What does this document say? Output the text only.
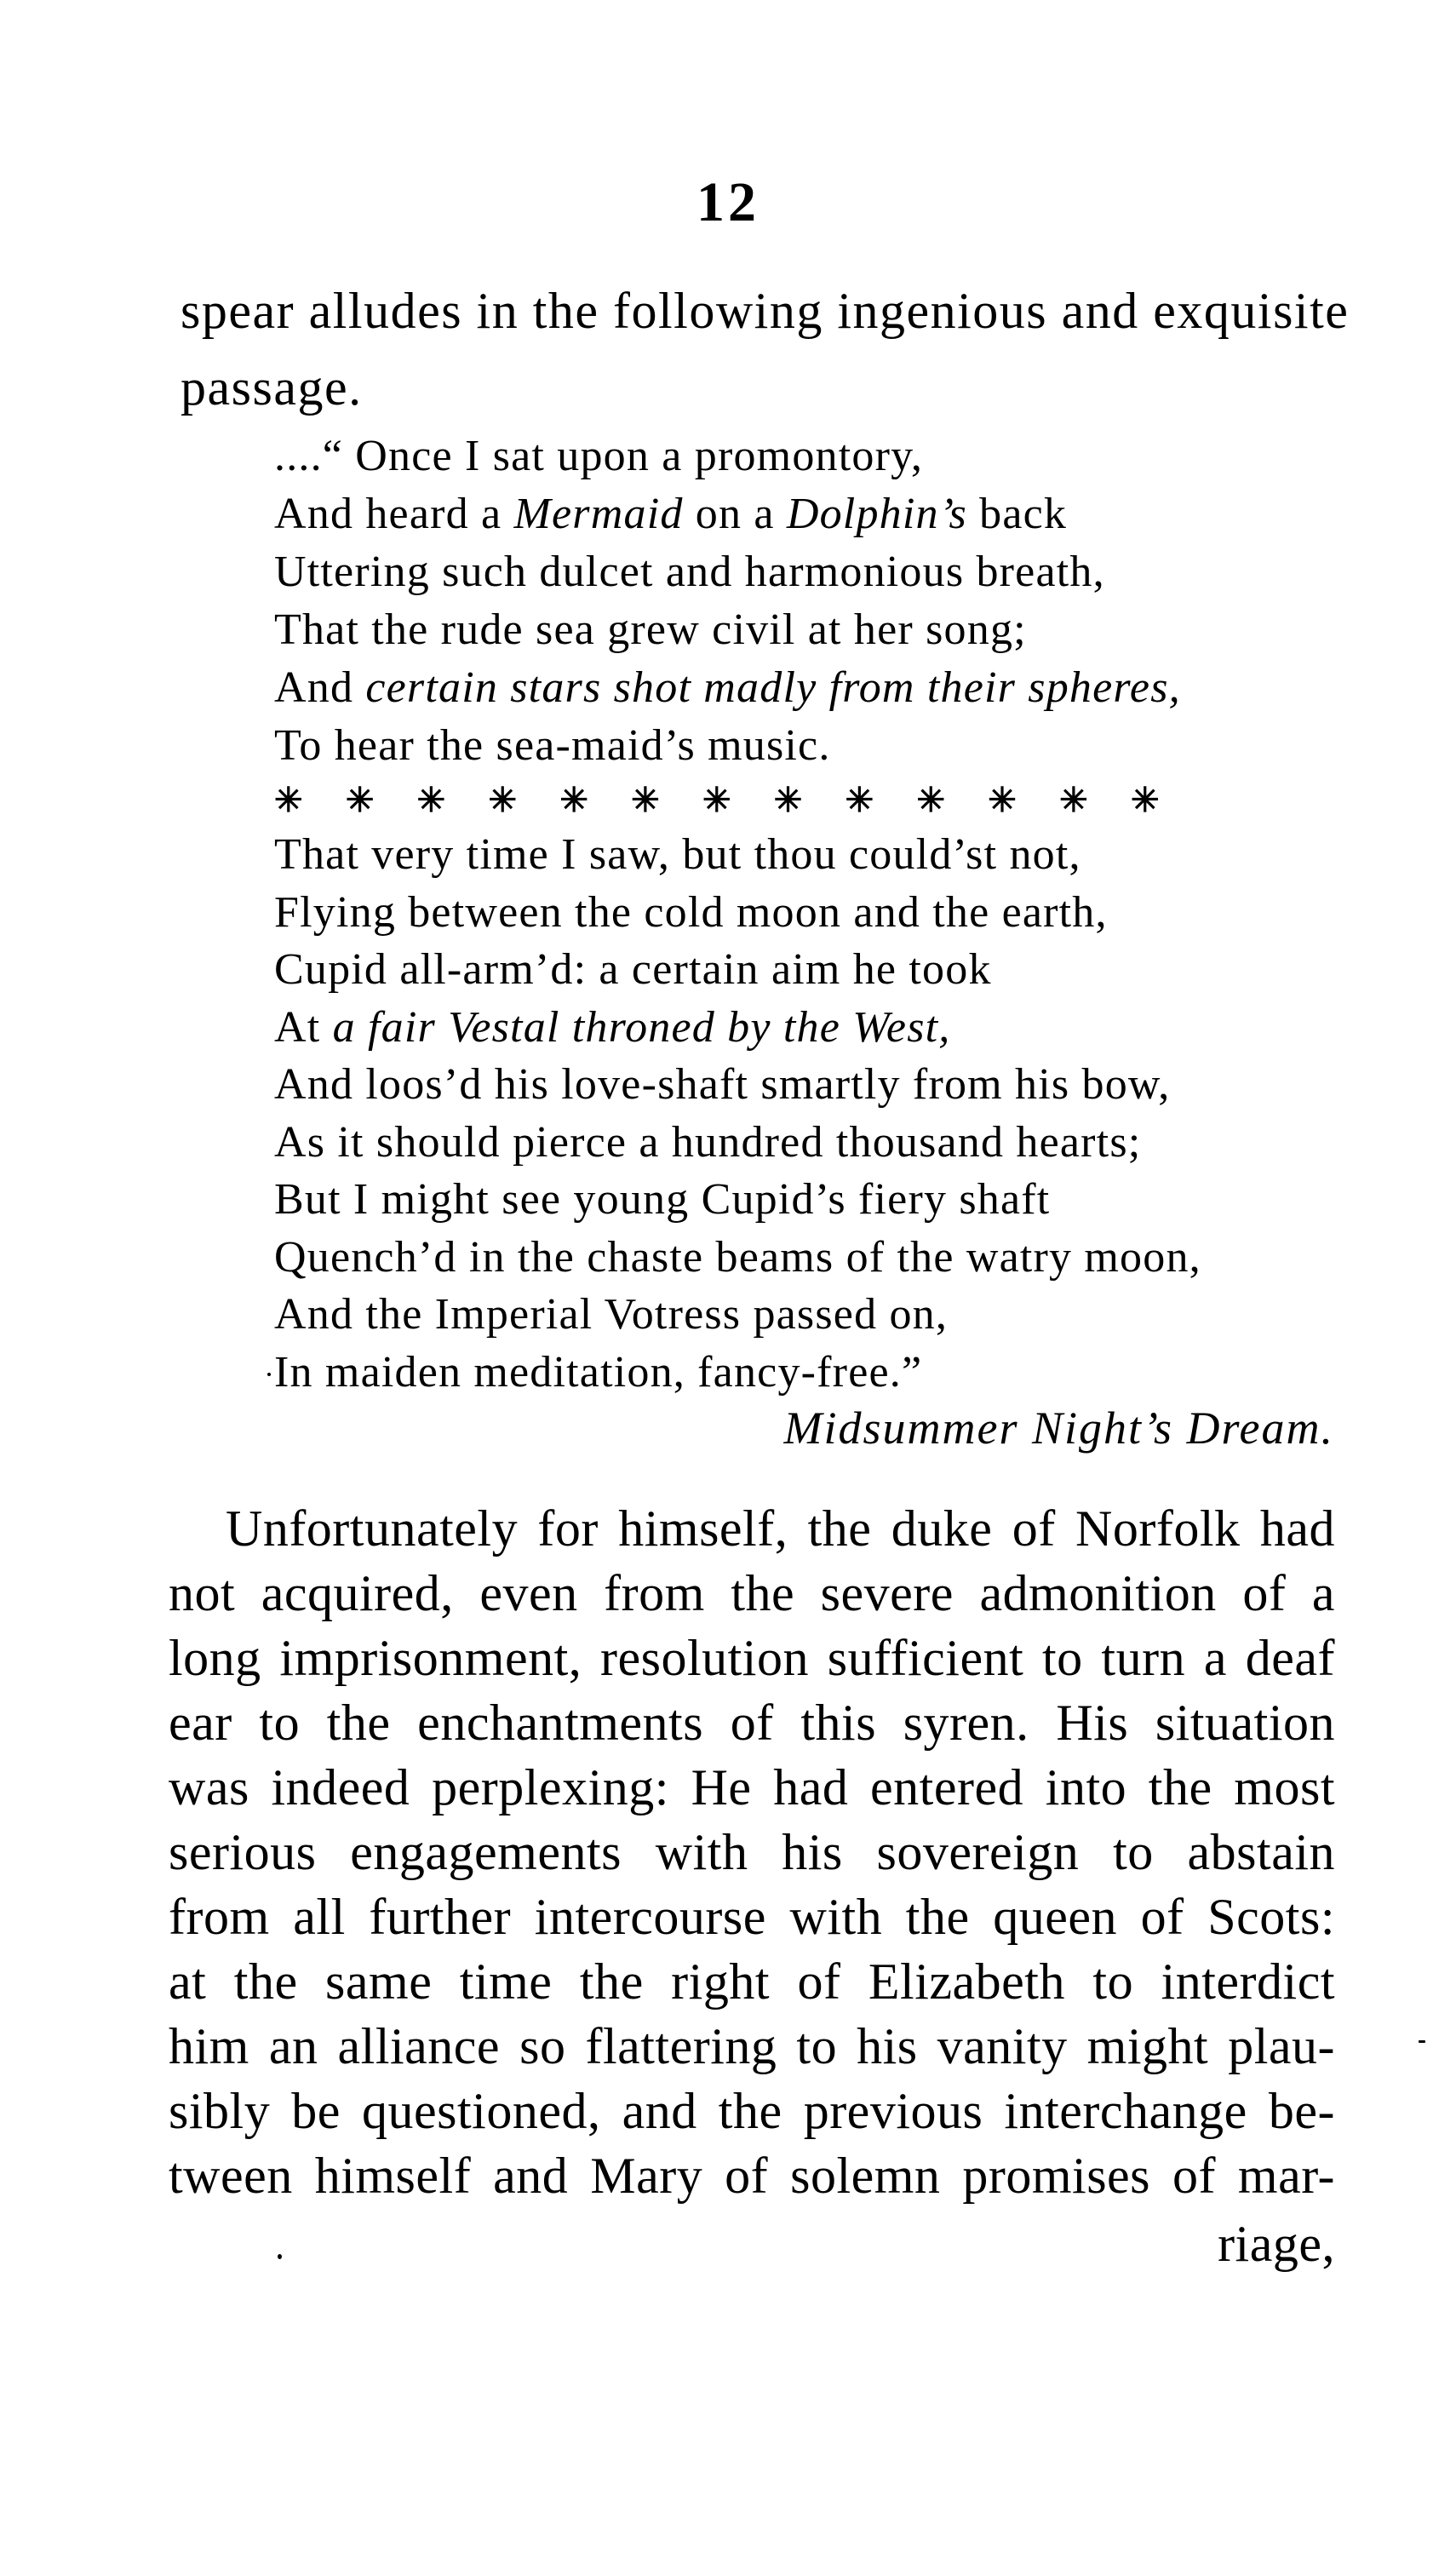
12
spear alludes in the following ingenious and exquisite
passage.
....“ Once I sat upon a promontory,
And heard a Mermaid on a Dolphin’s back
Uttering such dulcet and harmonious breath,
That the rude sea grew civil at her song;
And certain stars shot madly from their spheres,
To hear the sea-maid’s music.
✳ ✳ ✳ ✳ ✳ ✳ ✳ ✳ ✳ ✳ ✳ ✳ ✳
That very time I saw, but thou could’st not,
Flying between the cold moon and the earth,
Cupid all-arm’d: a certain aim he took
At a fair Vestal throned by the West,
And loos’d his love-shaft smartly from his bow,
As it should pierce a hundred thousand hearts;
But I might see young Cupid’s fiery shaft
Quench’d in the chaste beams of the watry moon,
And the Imperial Votress passed on,
In maiden meditation, fancy-free.”
Midsummer Night’s Dream.
Unfortunately for himself, the duke of Norfolk had
not acquired, even from the severe admonition of a
long imprisonment, resolution sufficient to turn a deaf
ear to the enchantments of this syren. His situation
was indeed perplexing: He had entered into the most
serious engagements with his sovereign to abstain
from all further intercourse with the queen of Scots:
at the same time the right of Elizabeth to interdict
him an alliance so flattering to his vanity might plau-
sibly be questioned, and the previous interchange be-
tween himself and Mary of solemn promises of mar-
riage,
